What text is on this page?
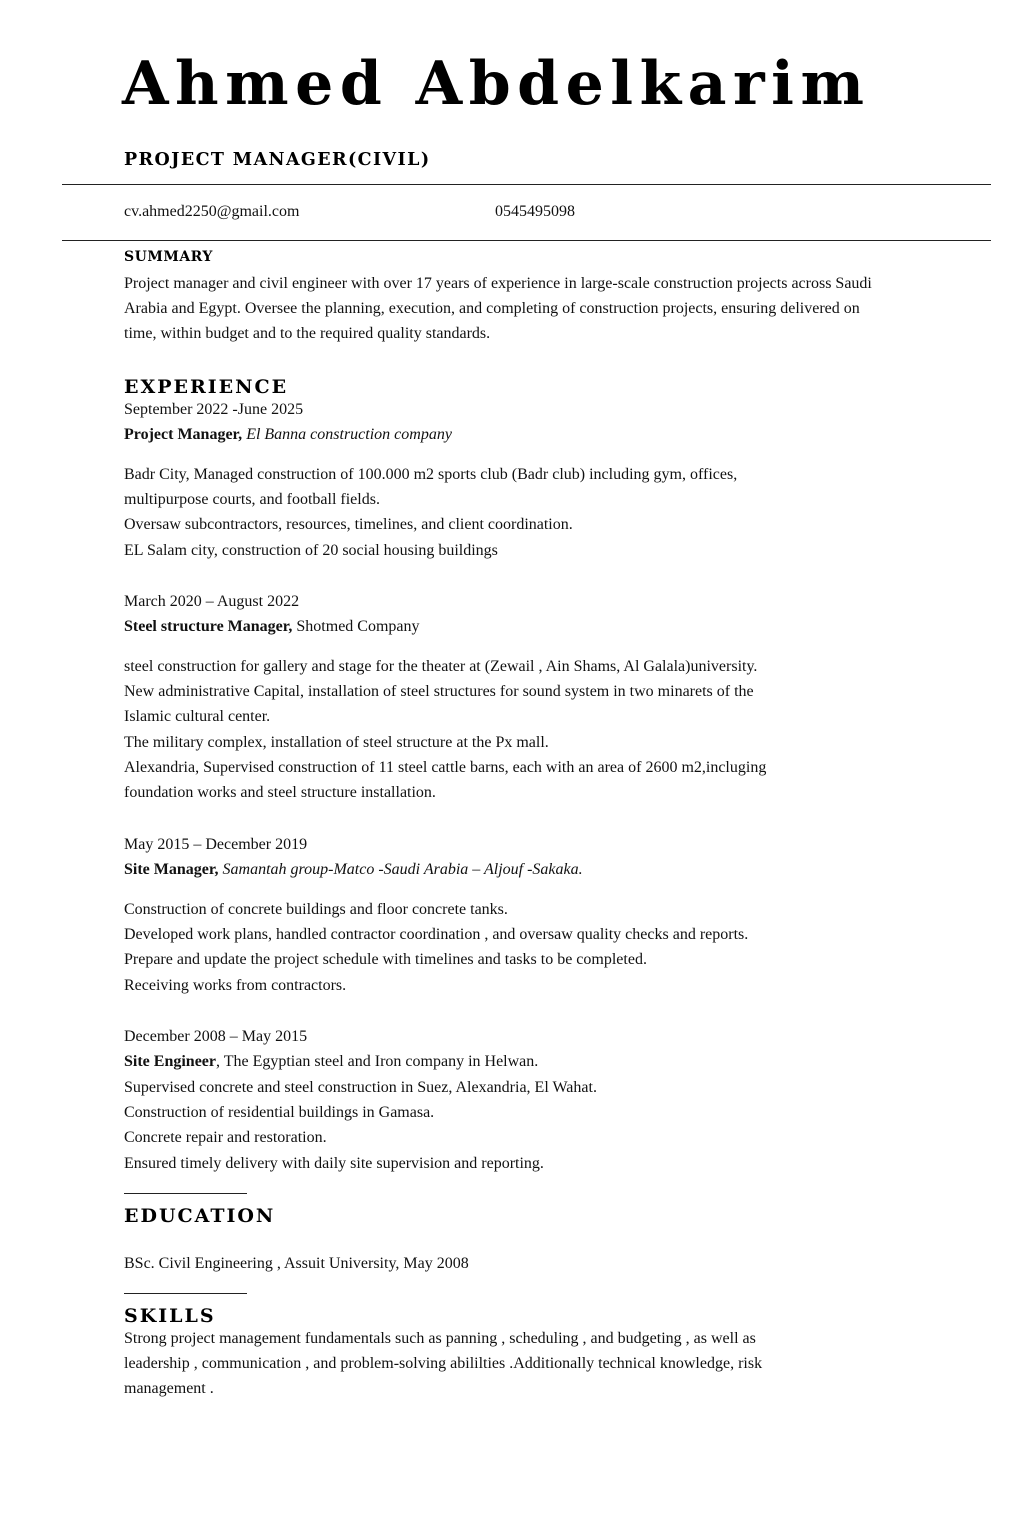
Ahmed Abdelkarim
PROJECT MANAGER(CIVIL)
cv.ahmed2250@gmail.com	0545495098
SUMMARY
Project manager and civil engineer with over 17 years of experience in large-scale construction projects across Saudi Arabia and Egypt. Oversee the planning, execution, and completing of construction projects, ensuring delivered on time, within budget and to the required quality standards.
EXPERIENCE
September 2022 -June 2025
Project Manager, El Banna construction company
Badr City, Managed construction of 100.000 m2 sports club (Badr club) including gym, offices,
multipurpose courts, and football fields.
Oversaw subcontractors, resources, timelines, and client coordination.
EL Salam city, construction of 20 social housing buildings
March 2020 – August 2022
Steel structure Manager, Shotmed Company
steel construction for gallery and stage for the theater at (Zewail , Ain Shams, Al Galala)university.
New administrative Capital, installation of steel structures for sound system in two minarets of the
Islamic cultural center.
The military complex, installation of steel structure at the Px mall.
Alexandria, Supervised construction of 11 steel cattle barns, each with an area of 2600 m2,incluging
foundation works and steel structure installation.
May 2015 – December 2019
Site Manager, Samantah group-Matco -Saudi Arabia – Aljouf -Sakaka.
Construction of concrete buildings and floor concrete tanks.
Developed work plans, handled contractor coordination , and oversaw quality checks and reports.
Prepare and update the project schedule with timelines and tasks to be completed.
Receiving works from contractors.
December 2008 – May 2015
Site Engineer, The Egyptian steel and Iron company in Helwan.
Supervised concrete and steel construction in Suez, Alexandria, El Wahat.
Construction of residential buildings in Gamasa.
Concrete repair and restoration.
Ensured timely delivery with daily site supervision and reporting.
EDUCATION
BSc. Civil Engineering , Assuit University, May 2008
SKILLS
Strong project management fundamentals such as panning , scheduling , and budgeting , as well as
leadership , communication , and problem-solving abililties .Additionally technical knowledge, risk
management .
